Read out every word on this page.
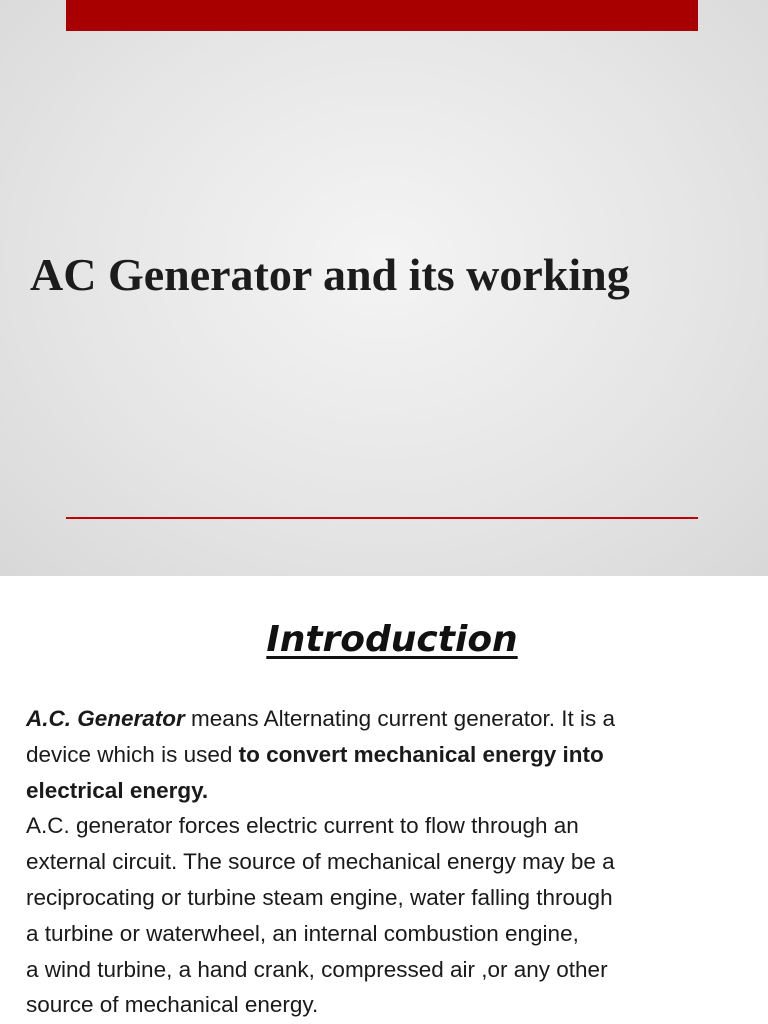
AC Generator and its working
Introduction
A.C. Generator means Alternating current generator. It is a
device which is used to convert mechanical energy into
electrical energy.
A.C. generator forces electric current to flow through an
external circuit. The source of mechanical energy may be a
reciprocating or turbine steam engine, water falling through
a turbine or waterwheel, an internal combustion engine,
a wind turbine, a hand crank, compressed air ,or any other
source of mechanical energy.
